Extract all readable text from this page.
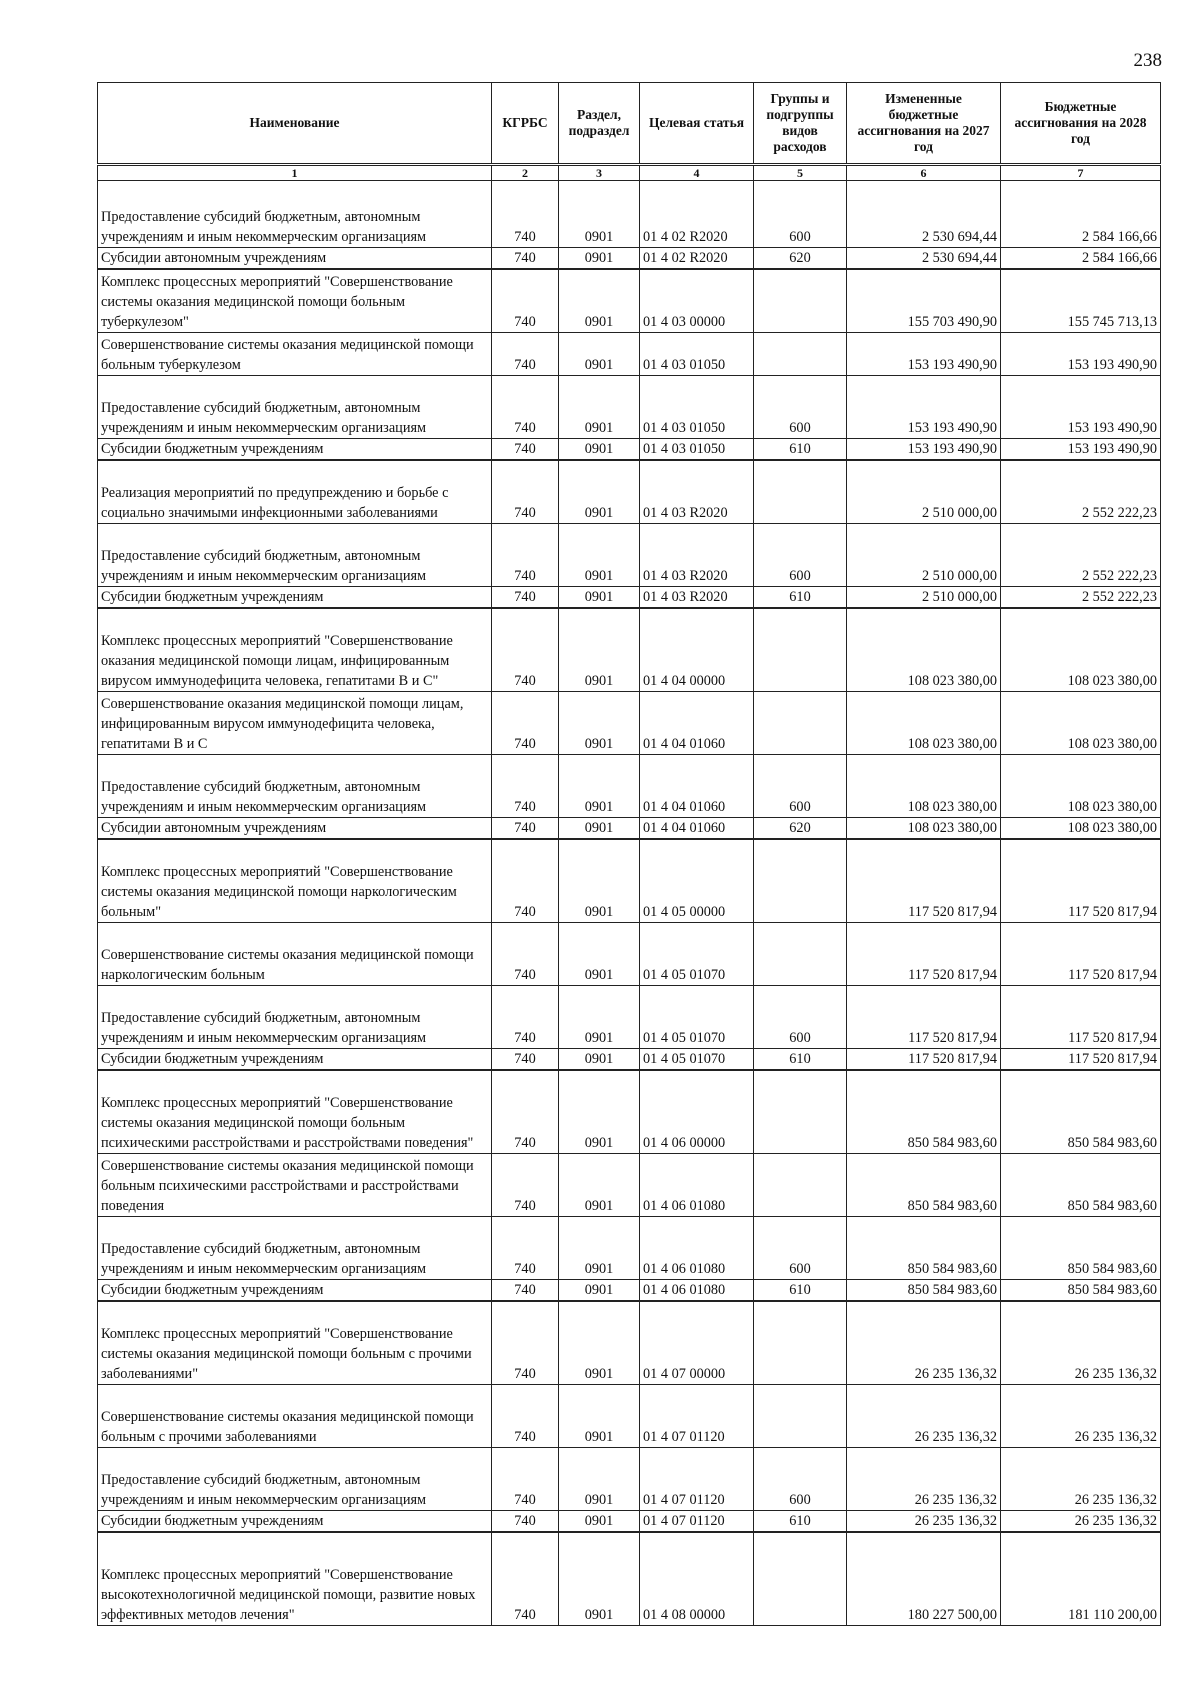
238
Наименование	КГРБС	Раздел, подраздел	Целевая статья	Группы и подгруппы видов расходов	Измененные бюджетные ассигнования на 2027 год	Бюджетные ассигнования на 2028 год
1	2	3	4	5	6	7
Предоставление субсидий бюджетным, автономным учреждениям и иным некоммерческим организациям	740	0901	01 4 02 R2020	600	2 530 694,44	2 584 166,66
Субсидии автономным учреждениям	740	0901	01 4 02 R2020	620	2 530 694,44	2 584 166,66
Комплекс процессных мероприятий "Совершенствование системы оказания медицинской помощи больным туберкулезом"	740	0901	01 4 03 00000		155 703 490,90	155 745 713,13
Совершенствование системы оказания медицинской помощи больным туберкулезом	740	0901	01 4 03 01050		153 193 490,90	153 193 490,90
Предоставление субсидий бюджетным, автономным учреждениям и иным некоммерческим организациям	740	0901	01 4 03 01050	600	153 193 490,90	153 193 490,90
Субсидии бюджетным учреждениям	740	0901	01 4 03 01050	610	153 193 490,90	153 193 490,90
Реализация мероприятий по предупреждению и борьбе с социально значимыми инфекционными заболеваниями	740	0901	01 4 03 R2020		2 510 000,00	2 552 222,23
Предоставление субсидий бюджетным, автономным учреждениям и иным некоммерческим организациям	740	0901	01 4 03 R2020	600	2 510 000,00	2 552 222,23
Субсидии бюджетным учреждениям	740	0901	01 4 03 R2020	610	2 510 000,00	2 552 222,23
Комплекс процессных мероприятий "Совершенствование оказания медицинской помощи лицам, инфицированным вирусом иммунодефицита человека, гепатитами В и С"	740	0901	01 4 04 00000		108 023 380,00	108 023 380,00
Совершенствование оказания медицинской помощи лицам, инфицированным вирусом иммунодефицита человека, гепатитами В и С	740	0901	01 4 04 01060		108 023 380,00	108 023 380,00
Предоставление субсидий бюджетным, автономным учреждениям и иным некоммерческим организациям	740	0901	01 4 04 01060	600	108 023 380,00	108 023 380,00
Субсидии автономным учреждениям	740	0901	01 4 04 01060	620	108 023 380,00	108 023 380,00
Комплекс процессных мероприятий "Совершенствование системы оказания медицинской помощи наркологическим больным"	740	0901	01 4 05 00000		117 520 817,94	117 520 817,94
Совершенствование системы оказания медицинской помощи наркологическим больным	740	0901	01 4 05 01070		117 520 817,94	117 520 817,94
Предоставление субсидий бюджетным, автономным учреждениям и иным некоммерческим организациям	740	0901	01 4 05 01070	600	117 520 817,94	117 520 817,94
Субсидии бюджетным учреждениям	740	0901	01 4 05 01070	610	117 520 817,94	117 520 817,94
Комплекс процессных мероприятий "Совершенствование системы оказания медицинской помощи больным психическими расстройствами и расстройствами поведения"	740	0901	01 4 06 00000		850 584 983,60	850 584 983,60
Совершенствование системы оказания медицинской помощи больным психическими расстройствами и расстройствами поведения	740	0901	01 4 06 01080		850 584 983,60	850 584 983,60
Предоставление субсидий бюджетным, автономным учреждениям и иным некоммерческим организациям	740	0901	01 4 06 01080	600	850 584 983,60	850 584 983,60
Субсидии бюджетным учреждениям	740	0901	01 4 06 01080	610	850 584 983,60	850 584 983,60
Комплекс процессных мероприятий "Совершенствование системы оказания медицинской помощи больным с прочими заболеваниями"	740	0901	01 4 07 00000		26 235 136,32	26 235 136,32
Совершенствование системы оказания медицинской помощи больным с прочими заболеваниями	740	0901	01 4 07 01120		26 235 136,32	26 235 136,32
Предоставление субсидий бюджетным, автономным учреждениям и иным некоммерческим организациям	740	0901	01 4 07 01120	600	26 235 136,32	26 235 136,32
Субсидии бюджетным учреждениям	740	0901	01 4 07 01120	610	26 235 136,32	26 235 136,32
Комплекс процессных мероприятий "Совершенствование высокотехнологичной медицинской помощи, развитие новых эффективных методов лечения"	740	0901	01 4 08 00000		180 227 500,00	181 110 200,00
